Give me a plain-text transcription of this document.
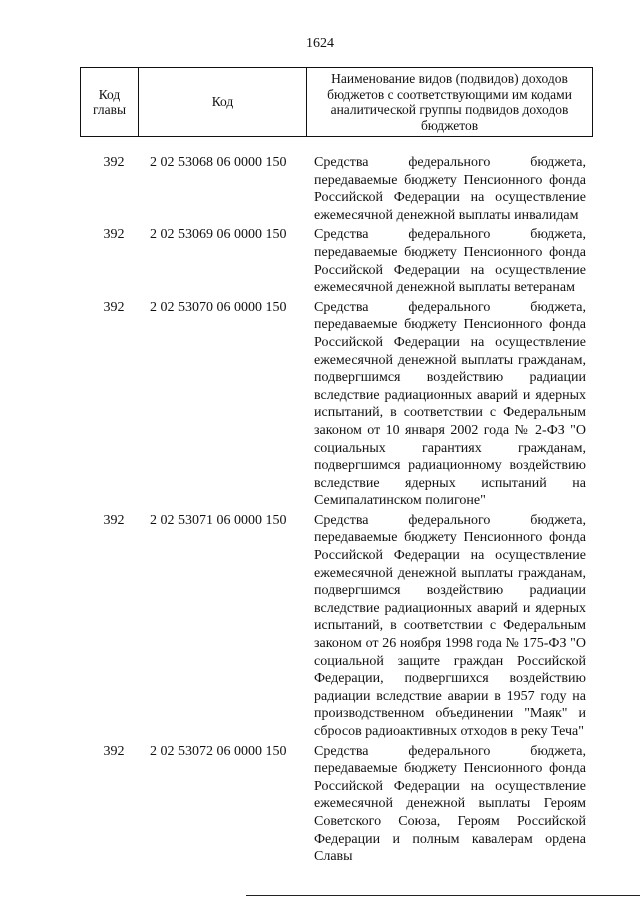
1624
Код
главы	Код	Наименование видов (подвидов) доходов бюджетов с соответствующими им кодами аналитической группы подвидов доходов бюджетов
392	2 02 53068 06 0000 150	Средства федерального бюджета, передаваемые бюджету Пенсионного фонда Российской Федерации на осуществление ежемесячной денежной выплаты инвалидам
392	2 02 53069 06 0000 150	Средства федерального бюджета, передаваемые бюджету Пенсионного фонда Российской Федерации на осуществление ежемесячной денежной выплаты ветеранам
392	2 02 53070 06 0000 150	Средства федерального бюджета, передаваемые бюджету Пенсионного фонда Российской Федерации на осуществление ежемесячной денежной выплаты гражданам, подвергшимся воздействию радиации вследствие радиационных аварий и ядерных испытаний, в соответствии с Федеральным законом от 10 января 2002 года № 2-ФЗ "О социальных гарантиях гражданам, подвергшимся радиационному воздействию вследствие ядерных испытаний на Семипалатинском полигоне"
392	2 02 53071 06 0000 150	Средства федерального бюджета, передаваемые бюджету Пенсионного фонда Российской Федерации на осуществление ежемесячной денежной выплаты гражданам, подвергшимся воздействию радиации вследствие радиационных аварий и ядерных испытаний, в соответствии с Федеральным законом от 26 ноября 1998 года № 175-ФЗ "О социальной защите граждан Российской Федерации, подвергшихся воздействию радиации вследствие аварии в 1957 году на производственном объединении "Маяк" и сбросов радиоактивных отходов в реку Теча"
392	2 02 53072 06 0000 150	Средства федерального бюджета, передаваемые бюджету Пенсионного фонда Российской Федерации на осуществление ежемесячной денежной выплаты Героям Советского Союза, Героям Российской Федерации и полным кавалерам ордена Славы
